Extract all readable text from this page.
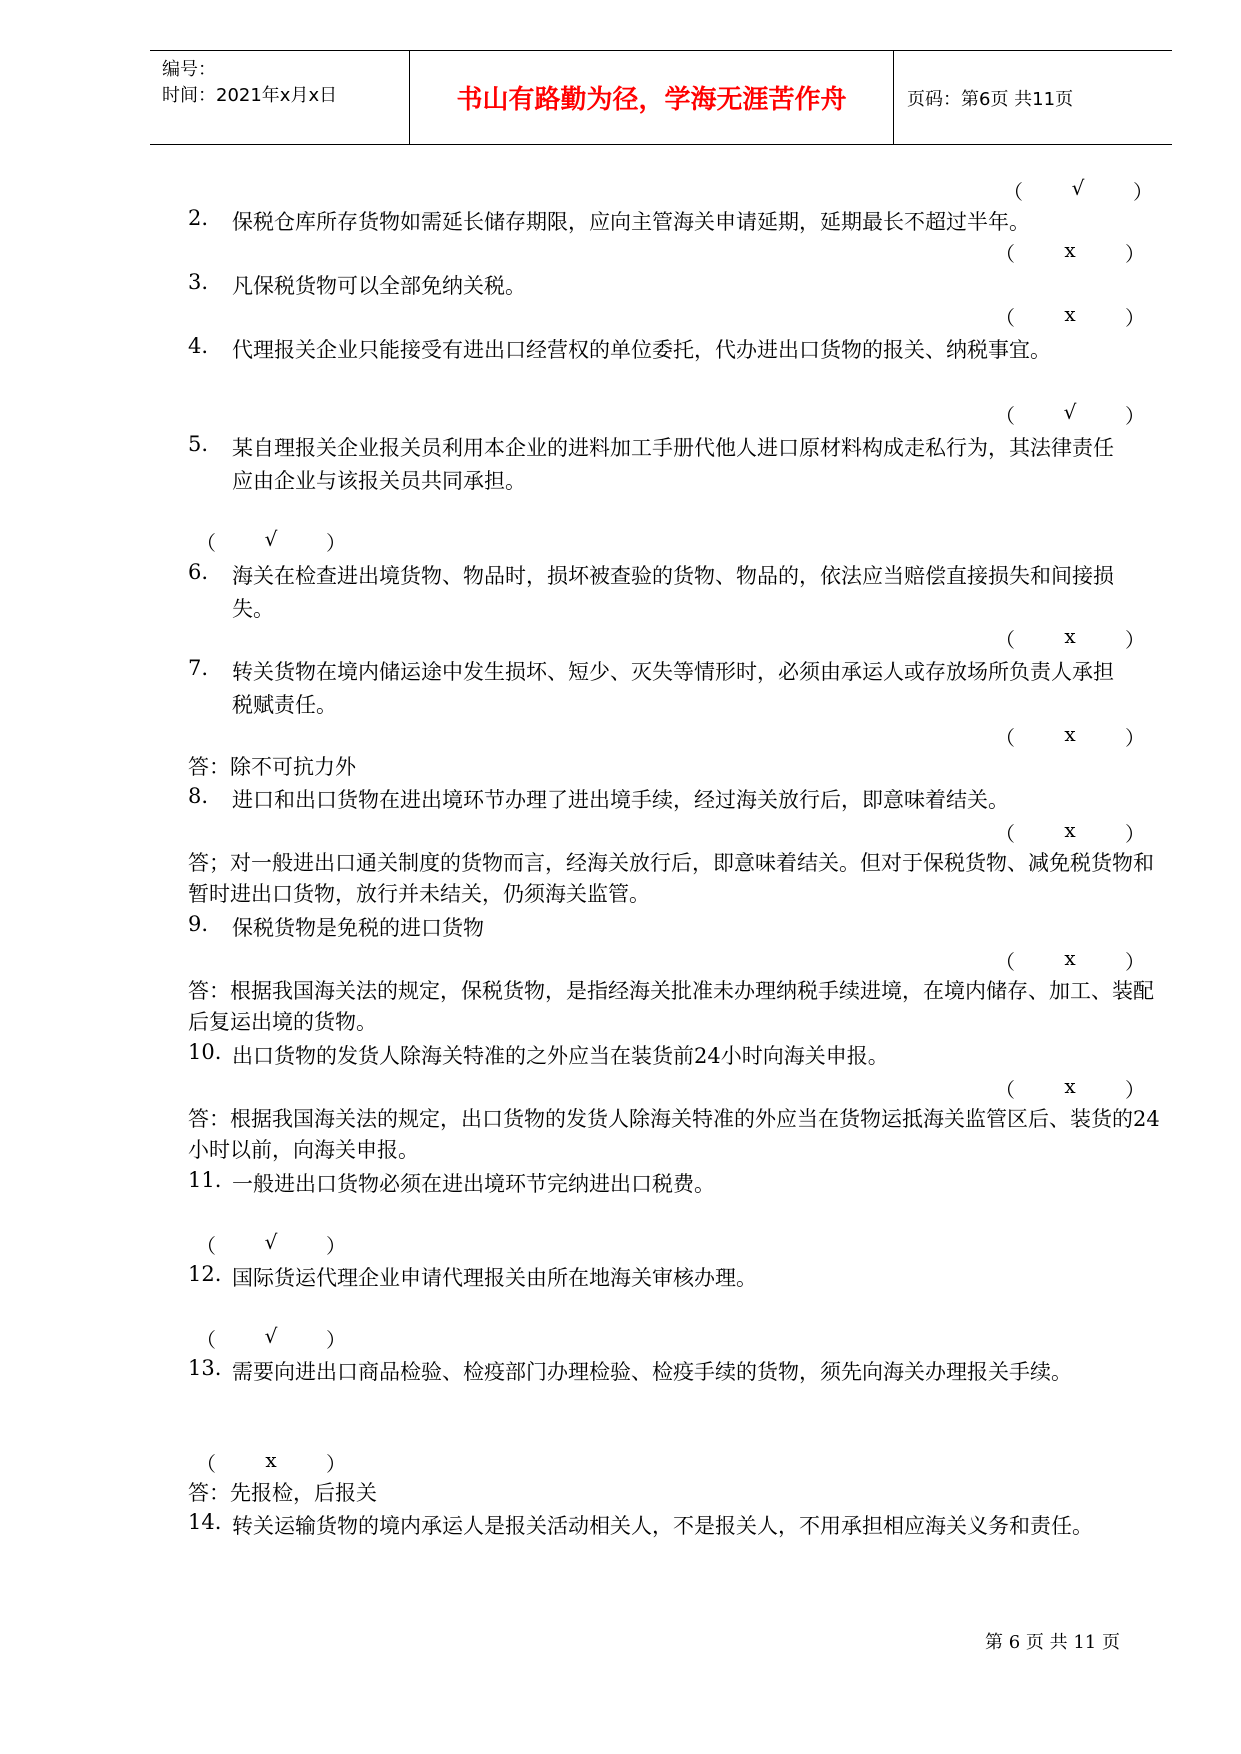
编号：
时间：2021年x月x日	书山有路勤为径，学海无涯苦作舟	页码：第6页 共11页
（	√	）
2. 保税仓库所存货物如需延长储存期限，应向主管海关申请延期，延期最长不超过半年。
（	x	）
3. 凡保税货物可以全部免纳关税。
（	x	）
4. 代理报关企业只能接受有进出口经营权的单位委托，代办进出口货物的报关、纳税事宜。
（	√	）
5. 某自理报关企业报关员利用本企业的进料加工手册代他人进口原材料构成走私行为，其法律责任应由企业与该报关员共同承担。
（	√	）
6. 海关在检查进出境货物、物品时，损坏被查验的货物、物品的，依法应当赔偿直接损失和间接损失。
（	x	）
7. 转关货物在境内储运途中发生损坏、短少、灭失等情形时，必须由承运人或存放场所负责人承担税赋责任。
（	x	）
答：除不可抗力外
8. 进口和出口货物在进出境环节办理了进出境手续，经过海关放行后，即意味着结关。
（	x	）
答；对一般进出口通关制度的货物而言，经海关放行后，即意味着结关。但对于保税货物、减免税货物和暂时进出口货物，放行并未结关，仍须海关监管。
9. 保税货物是免税的进口货物
（	x	）
答：根据我国海关法的规定，保税货物，是指经海关批准未办理纳税手续进境，在境内储存、加工、装配后复运出境的货物。
10. 出口货物的发货人除海关特准的之外应当在装货前24小时向海关申报。
（	x	）
答：根据我国海关法的规定，出口货物的发货人除海关特准的外应当在货物运抵海关监管区后、装货的24小时以前，向海关申报。
11. 一般进出口货物必须在进出境环节完纳进出口税费。
（	√	）
12. 国际货运代理企业申请代理报关由所在地海关审核办理。
（	√	）
13. 需要向进出口商品检验、检疫部门办理检验、检疫手续的货物，须先向海关办理报关手续。
（	x	）
答：先报检，后报关
14. 转关运输货物的境内承运人是报关活动相关人，不是报关人，不用承担相应海关义务和责任。
第 6 页 共 11 页
